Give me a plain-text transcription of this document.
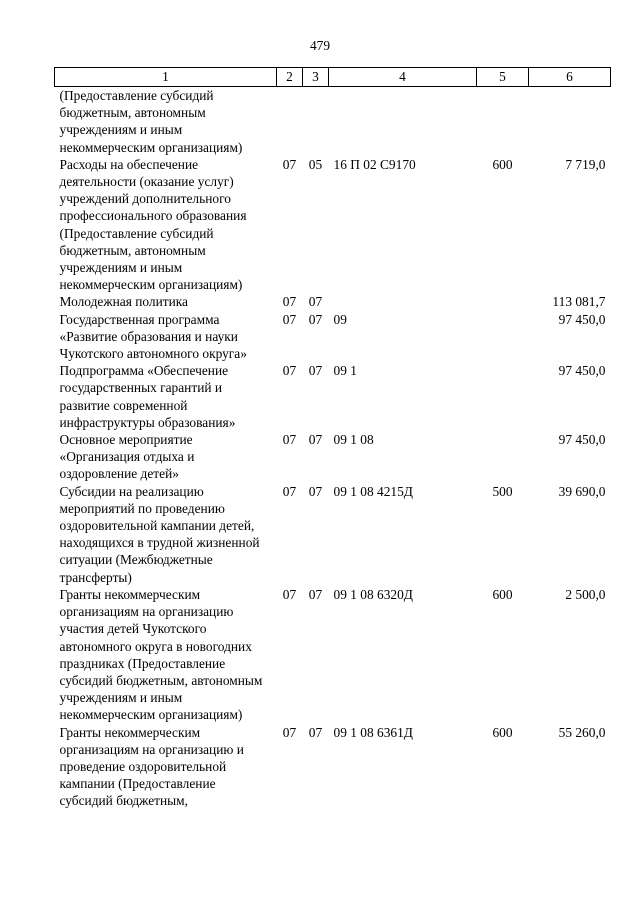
479
1	2	3	4	5	6
(Предоставление субсидий бюджетным, автономным учреждениям и иным некоммерческим организациям)					
Расходы на обеспечение деятельности (оказание услуг) учреждений дополнительного профессионального образования (Предоставление субсидий бюджетным, автономным учреждениям и иным некоммерческим организациям)	07	05	16 П 02 С9170	600	7 719,0
Молодежная политика	07	07			113 081,7
Государственная программа «Развитие образования и науки Чукотского автономного округа»	07	07	09		97 450,0
Подпрограмма «Обеспечение государственных гарантий и развитие современной инфраструктуры образования»	07	07	09 1		97 450,0
Основное мероприятие «Организация отдыха и оздоровление детей»	07	07	09 1 08		97 450,0
Субсидии на реализацию мероприятий по проведению оздоровительной кампании детей, находящихся в трудной жизненной ситуации (Межбюджетные трансферты)	07	07	09 1 08 4215Д	500	39 690,0
Гранты некоммерческим организациям на организацию участия детей Чукотского автономного округа в новогодних праздниках (Предоставление субсидий бюджетным, автономным учреждениям и иным некоммерческим организациям)	07	07	09 1 08 6320Д	600	2 500,0
Гранты некоммерческим организациям на организацию и проведение оздоровительной кампании (Предоставление субсидий бюджетным,	07	07	09 1 08 6361Д	600	55 260,0
